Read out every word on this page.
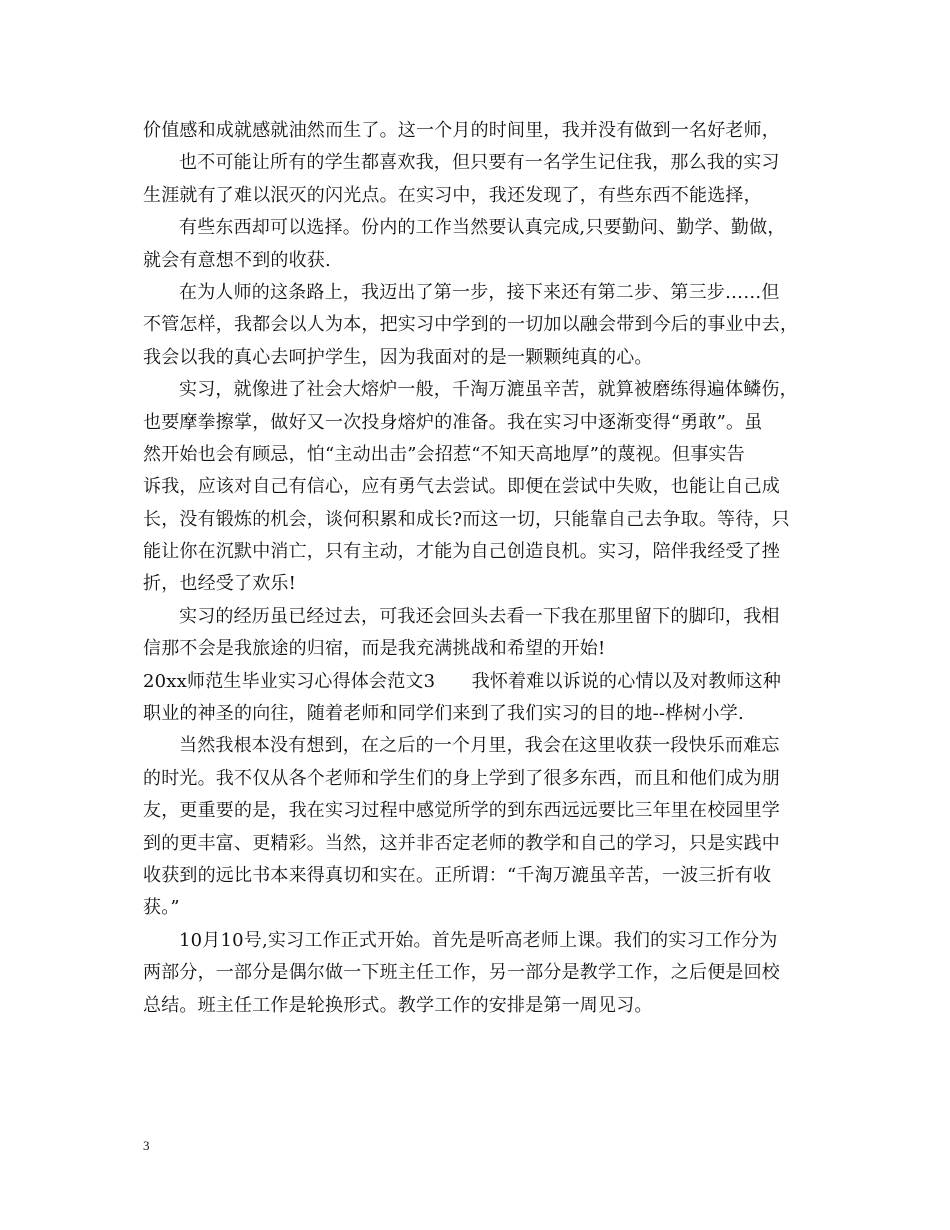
价值感和成就感就油然而生了。这一个月的时间里，我并没有做到一名好老师，
也不可能让所有的学生都喜欢我，但只要有一名学生记住我，那么我的实习
生涯就有了难以泯灭的闪光点。在实习中，我还发现了，有些东西不能选择，
有些东西却可以选择。份内的工作当然要认真完成,只要勤问、勤学、勤做，
就会有意想不到的收获.
在为人师的这条路上，我迈出了第一步，接下来还有第二步、第三步……但
不管怎样，我都会以人为本，把实习中学到的一切加以融会带到今后的事业中去，
我会以我的真心去呵护学生，因为我面对的是一颗颗纯真的心。
实习，就像进了社会大熔炉一般，千淘万漉虽辛苦，就算被磨练得遍体鳞伤，
也要摩拳擦掌，做好又一次投身熔炉的准备。我在实习中逐渐变得“勇敢”。虽
然开始也会有顾忌，怕“主动出击”会招惹“不知天高地厚”的蔑视。但事实告
诉我，应该对自己有信心，应有勇气去尝试。即便在尝试中失败，也能让自己成
长，没有锻炼的机会，谈何积累和成长?而这一切，只能靠自己去争取。等待，只
能让你在沉默中消亡，只有主动，才能为自己创造良机。实习，陪伴我经受了挫
折，也经受了欢乐!
实习的经历虽已经过去，可我还会回头去看一下我在那里留下的脚印，我相
信那不会是我旅途的归宿，而是我充满挑战和希望的开始!
20xx师范生毕业实习心得体会范文3　　我怀着难以诉说的心情以及对教师这种
职业的神圣的向往，随着老师和同学们来到了我们实习的目的地--桦树小学.
当然我根本没有想到，在之后的一个月里，我会在这里收获一段快乐而难忘
的时光。我不仅从各个老师和学生们的身上学到了很多东西，而且和他们成为朋
友，更重要的是，我在实习过程中感觉所学的到东西远远要比三年里在校园里学
到的更丰富、更精彩。当然，这并非否定老师的教学和自己的学习，只是实践中
收获到的远比书本来得真切和实在。正所谓：“千淘万漉虽辛苦，一波三折有收
获。”
10月10号,实习工作正式开始。首先是听高老师上课。我们的实习工作分为
两部分，一部分是偶尔做一下班主任工作，另一部分是教学工作，之后便是回校
总结。班主任工作是轮换形式。教学工作的安排是第一周见习。
3
